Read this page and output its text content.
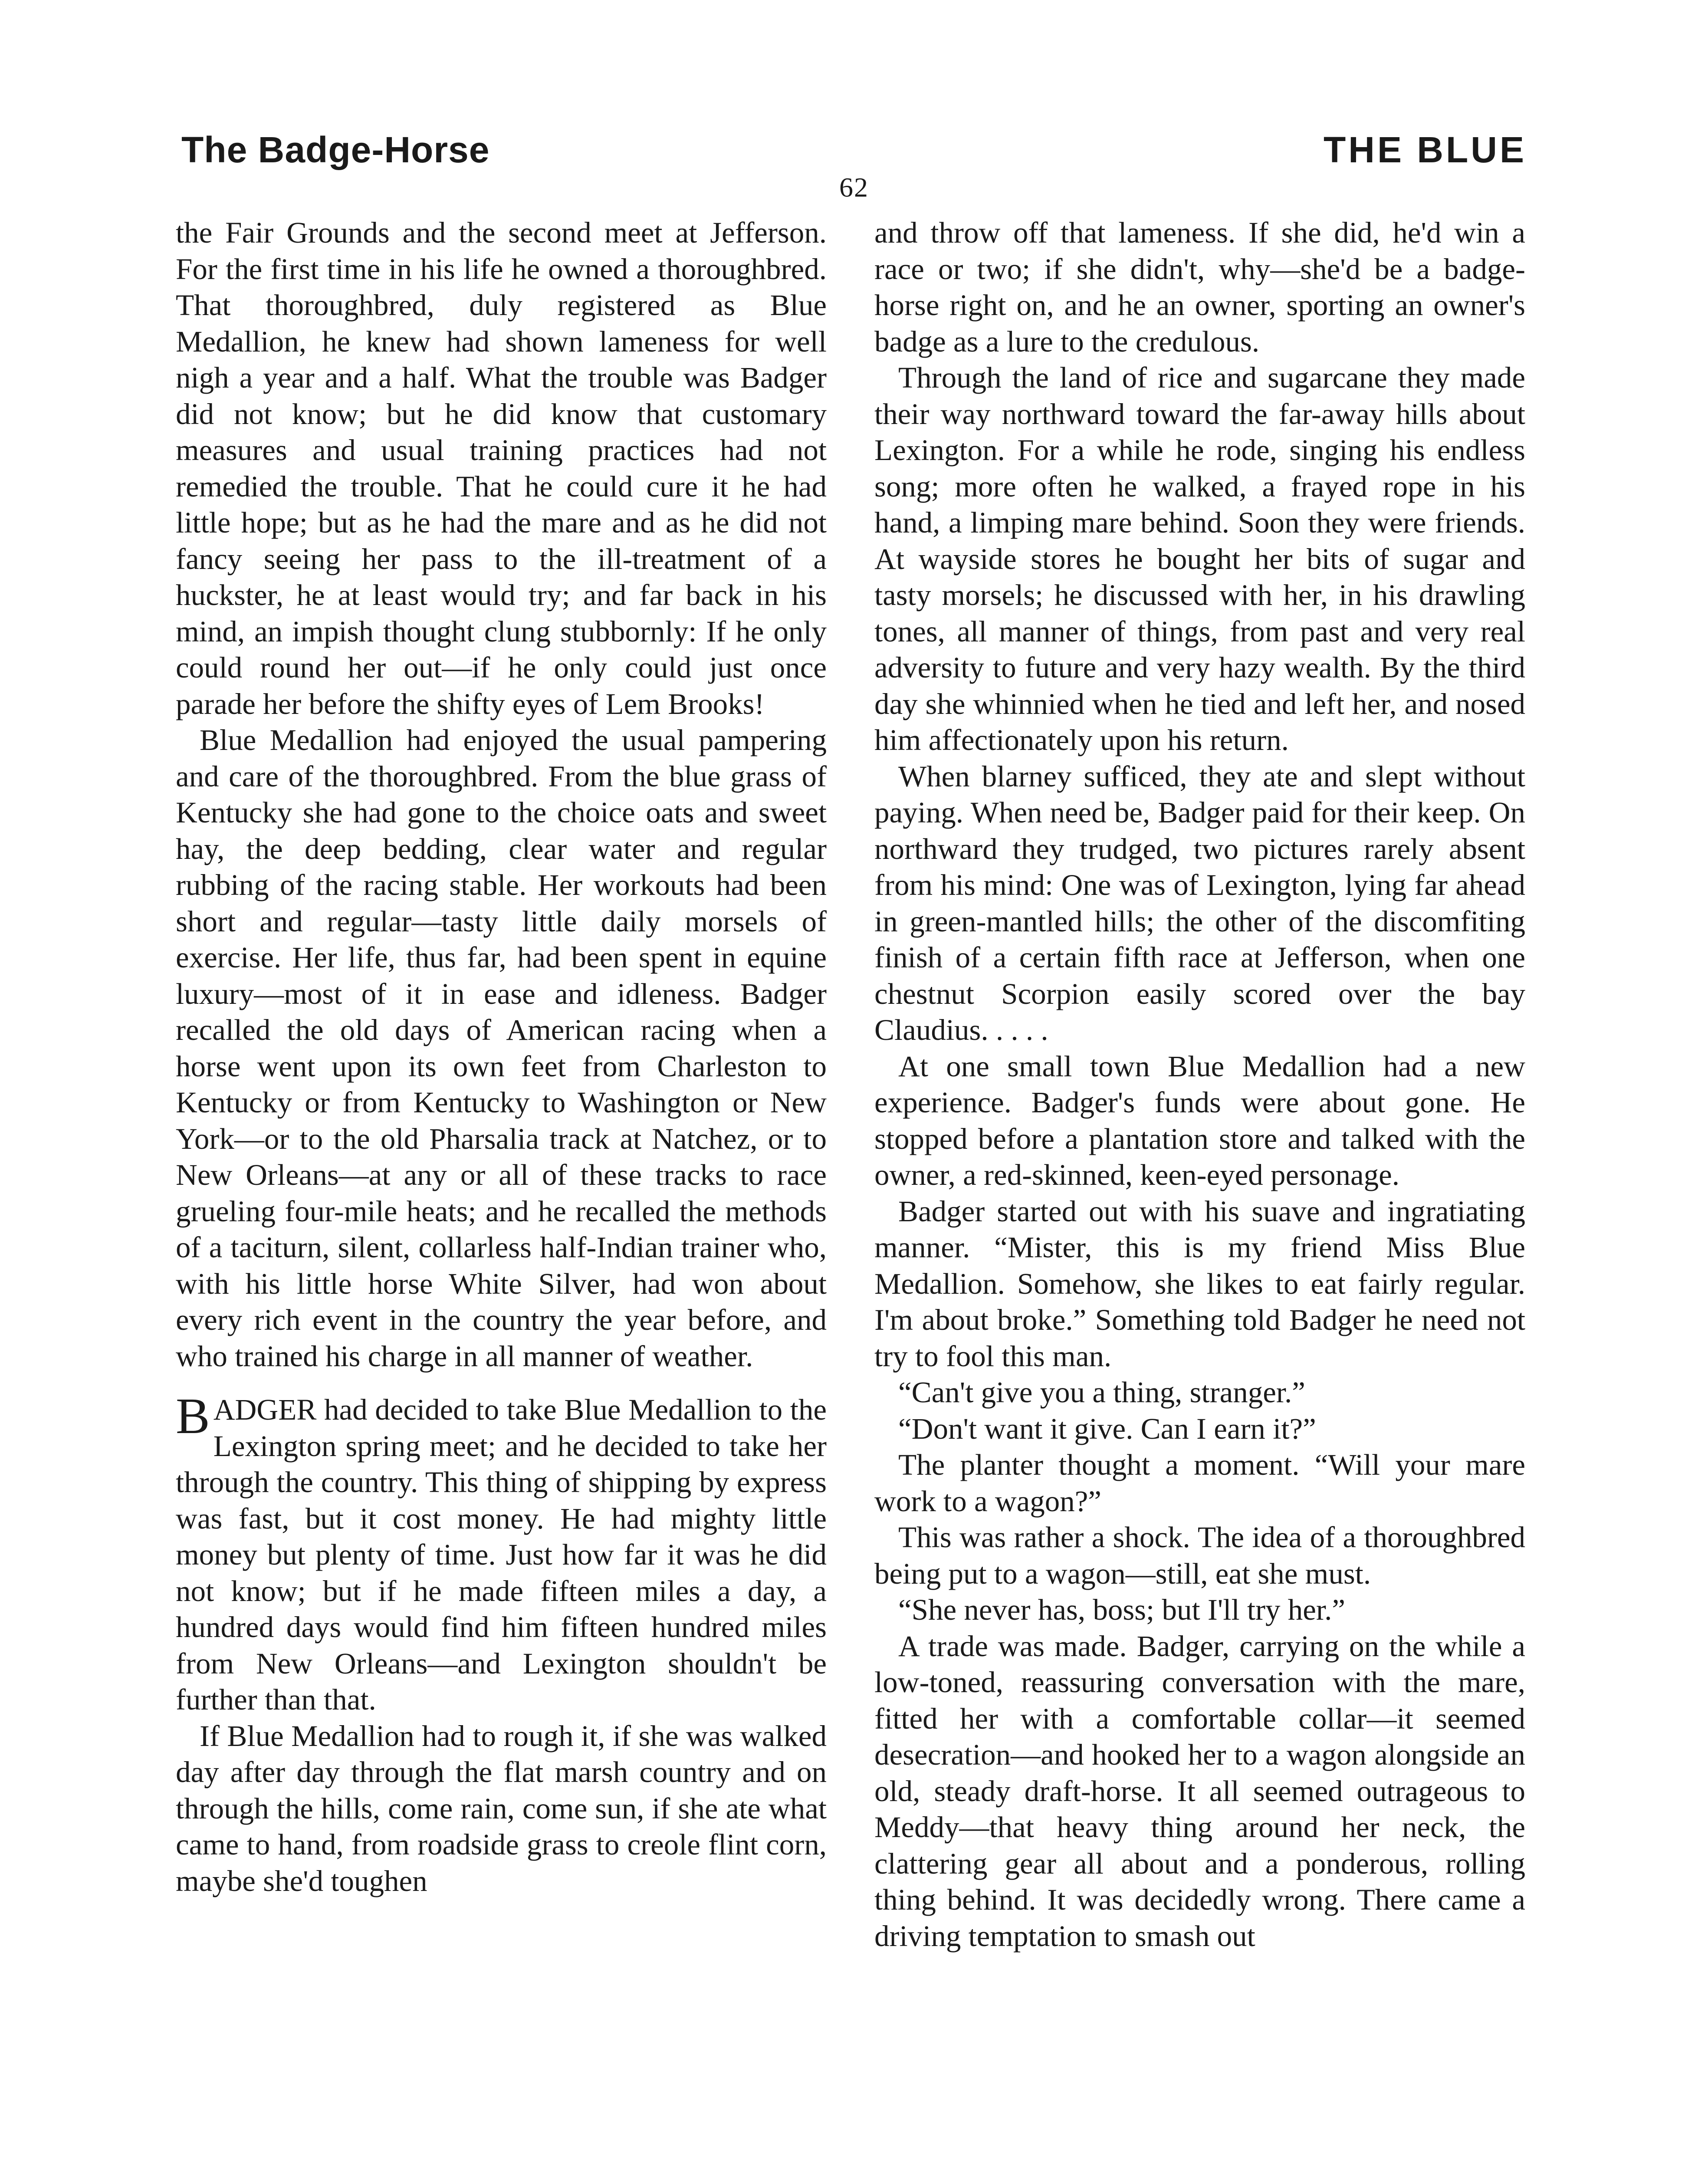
The Badge-Horse	THE BLUE
62

the Fair Grounds and the second meet at Jefferson. For the first time in his life he owned a thoroughbred. That thoroughbred, duly registered as Blue Medallion, he knew had shown lameness for well nigh a year and a half. What the trouble was Badger did not know; but he did know that customary measures and usual training practices had not remedied the trouble. That he could cure it he had little hope; but as he had the mare and as he did not fancy seeing her pass to the ill-treatment of a huckster, he at least would try; and far back in his mind, an impish thought clung stubbornly: If he only could round her out—if he only could just once parade her before the shifty eyes of Lem Brooks!

Blue Medallion had enjoyed the usual pampering and care of the thoroughbred. From the blue grass of Kentucky she had gone to the choice oats and sweet hay, the deep bedding, clear water and regular rubbing of the racing stable. Her workouts had been short and regular—tasty little daily morsels of exercise. Her life, thus far, had been spent in equine luxury—most of it in ease and idleness. Badger recalled the old days of American racing when a horse went upon its own feet from Charleston to Kentucky or from Kentucky to Washington or New York—or to the old Pharsalia track at Natchez, or to New Orleans—at any or all of these tracks to race grueling four-mile heats; and he recalled the methods of a taciturn, silent, collarless half-Indian trainer who, with his little horse White Silver, had won about every rich event in the country the year before, and who trained his charge in all manner of weather.

BADGER had decided to take Blue Medallion to the Lexington spring meet; and he decided to take her through the country. This thing of shipping by express was fast, but it cost money. He had mighty little money but plenty of time. Just how far it was he did not know; but if he made fifteen miles a day, a hundred days would find him fifteen hundred miles from New Orleans—and Lexington shouldn't be further than that.

If Blue Medallion had to rough it, if she was walked day after day through the flat marsh country and on through the hills, come rain, come sun, if she ate what came to hand, from roadside grass to creole flint corn, maybe she'd toughen

and throw off that lameness. If she did, he'd win a race or two; if she didn't, why—she'd be a badge-horse right on, and he an owner, sporting an owner's badge as a lure to the credulous.

Through the land of rice and sugarcane they made their way northward toward the far-away hills about Lexington. For a while he rode, singing his endless song; more often he walked, a frayed rope in his hand, a limping mare behind. Soon they were friends. At wayside stores he bought her bits of sugar and tasty morsels; he discussed with her, in his drawling tones, all manner of things, from past and very real adversity to future and very hazy wealth. By the third day she whinnied when he tied and left her, and nosed him affectionately upon his return.

When blarney sufficed, they ate and slept without paying. When need be, Badger paid for their keep. On northward they trudged, two pictures rarely absent from his mind: One was of Lexington, lying far ahead in green-mantled hills; the other of the discomfiting finish of a certain fifth race at Jefferson, when one chestnut Scorpion easily scored over the bay Claudius. . . . .

At one small town Blue Medallion had a new experience. Badger's funds were about gone. He stopped before a plantation store and talked with the owner, a red-skinned, keen-eyed personage.

Badger started out with his suave and ingratiating manner. “Mister, this is my friend Miss Blue Medallion. Somehow, she likes to eat fairly regular. I'm about broke.” Something told Badger he need not try to fool this man.

“Can't give you a thing, stranger.”

“Don't want it give. Can I earn it?”

The planter thought a moment. “Will your mare work to a wagon?”

This was rather a shock. The idea of a thoroughbred being put to a wagon—still, eat she must.

“She never has, boss; but I'll try her.”

A trade was made. Badger, carrying on the while a low-toned, reassuring conversation with the mare, fitted her with a comfortable collar—it seemed desecration—and hooked her to a wagon alongside an old, steady draft-horse. It all seemed outrageous to Meddy—that heavy thing around her neck, the clattering gear all about and a ponderous, rolling thing behind. It was decidedly wrong. There came a driving temptation to smash out
